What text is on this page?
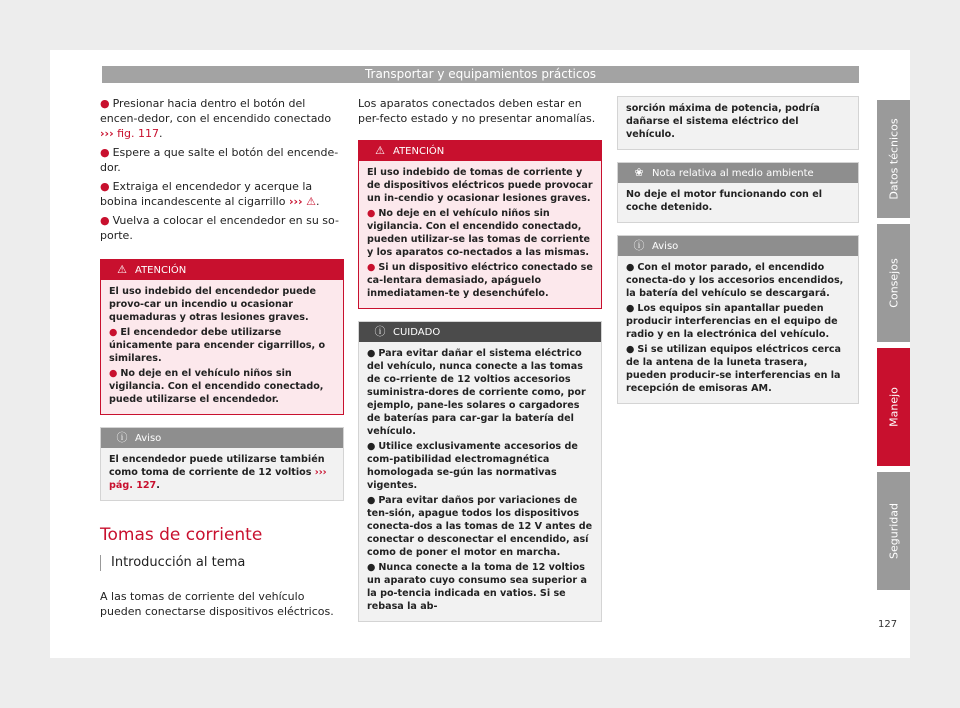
Transportar y equipamientos prácticos

● Presionar hacia dentro el botón del encen-dedor, con el encendido conectado
››› fig. 117.

● Espere a que salte el botón del encende-dor.

● Extraiga el encendedor y acerque la bobina incandescente al cigarrillo ››› ⚠.

● Vuelva a colocar el encendedor en su so-porte.

⚠ ATENCIÓN

El uso indebido del encendedor puede provo-car un incendio u ocasionar quemaduras y otras lesiones graves.

● El encendedor debe utilizarse únicamente para encender cigarrillos, o similares.

● No deje en el vehículo niños sin vigilancia. Con el encendido conectado, puede utilizarse el encendedor.

ⓘ Aviso

El encendedor puede utilizarse también como toma de corriente de 12 voltios ››› pág. 127.

Tomas de corriente
Introducción al tema

A las tomas de corriente del vehículo pueden conectarse dispositivos eléctricos.

Los aparatos conectados deben estar en per-fecto estado y no presentar anomalías.

⚠ ATENCIÓN

El uso indebido de tomas de corriente y de dispositivos eléctricos puede provocar un in-cendio y ocasionar lesiones graves.

● No deje en el vehículo niños sin vigilancia. Con el encendido conectado, pueden utilizar-se las tomas de corriente y los aparatos co-nectados a las mismas.

● Si un dispositivo eléctrico conectado se ca-lentara demasiado, apáguelo inmediatamen-te y desenchúfelo.

ⓘ CUIDADO

● Para evitar dañar el sistema eléctrico del vehículo, nunca conecte a las tomas de co-rriente de 12 voltios accesorios suministra-dores de corriente como, por ejemplo, pane-les solares o cargadores de baterías para car-gar la batería del vehículo.

● Utilice exclusivamente accesorios de com-patibilidad electromagnética homologada se-gún las normativas vigentes.

● Para evitar daños por variaciones de ten-sión, apague todos los dispositivos conecta-dos a las tomas de 12 V antes de conectar o desconectar el encendido, así como de poner el motor en marcha.

● Nunca conecte a la toma de 12 voltios un aparato cuyo consumo sea superior a la po-tencia indicada en vatios. Si se rebasa la ab-

sorción máxima de potencia, podría dañarse el sistema eléctrico del vehículo.

❀ Nota relativa al medio ambiente

No deje el motor funcionando con el coche detenido.

ⓘ Aviso

● Con el motor parado, el encendido conecta-do y los accesorios encendidos, la batería del vehículo se descargará.

● Los equipos sin apantallar pueden producir interferencias en el equipo de radio y en la electrónica del vehículo.

● Si se utilizan equipos eléctricos cerca de la antena de la luneta trasera, pueden producir-se interferencias en la recepción de emisoras AM.

Datos técnicos
Consejos
Manejo
Seguridad
127
